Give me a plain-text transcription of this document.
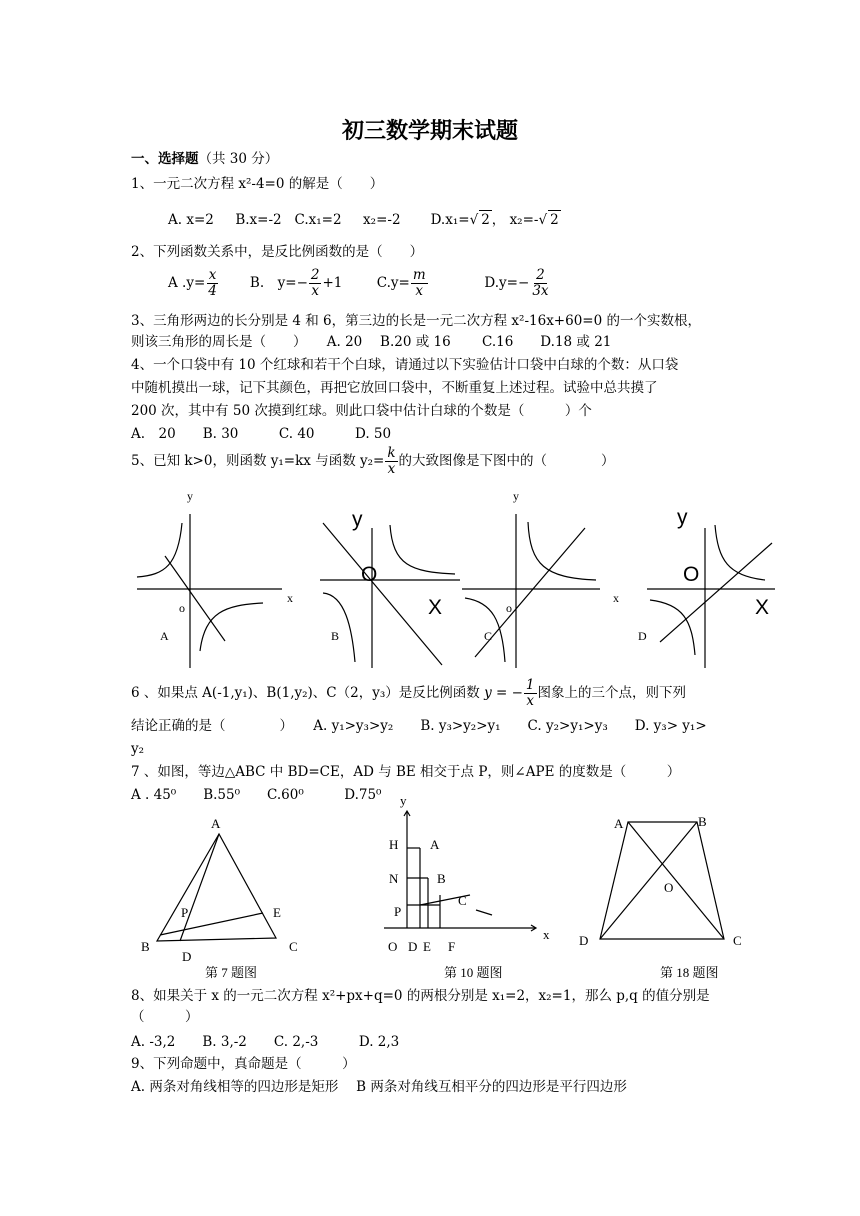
初三数学期末试题
一、选择题（共 30 分）
1、一元二次方程 x²-4=0 的解是（　　）
A. x=2 B.x=-2 C.x₁=2 x₂=-2 D.x₁=√ 2 ， x₂=-√ 2
2、下列函数关系中，是反比例函数的是（　　）
A $.y= \frac{x}{4} B$.　$y=- \frac{2}{x} +1$	$C.y= \frac{m}{x}$	$D.y=- \frac{2}{3x}$
3、三角形两边的长分别是 4 和 6，第三边的长是一元二次方程 x²-16x+60=0 的一个实数根，
则该三角形的周长是（　　）　　A. 20　 B.20 或 16　　 C.16　　D.18 或 21
4、一个口袋中有 10 个红球和若干个白球，请通过以下实验估计口袋中白球的个数：从口袋
中随机摸出一球，记下其颜色，再把它放回口袋中，不断重复上述过程。试验中总共摸了
200 次，其中有 50 次摸到红球。则此口袋中估计白球的个数是（　　　）个
A.　20　　B. 30　　　C. 40　　　D. 50
5、已知 k>0，则函数 y₁=kx 与函数 $y_2= \frac{k}{x}$ 的大致图像是下图中的（　　　　）
y
x
o
A
y
x
o
C
B	D
y
O
X
y
O
X
6 、如果点 A(-1,y₁)、B(1,y₂)、C（2，y₃）是反比例函数 y = − $\frac{1}{x}$ 图象上的三个点，则下列
结论正确的是（　　　　）　　A. y₁>y₃>y₂　　B. y₃>y₂>y₁　　C. y₂>y₁>y₃　　D. y₃> y₁>
y₂
7 、如图，等边△ABC 中 BD=CE，AD 与 BE 相交于点 P，则∠APE 的度数是（　　　）
A . 45⁰　　B.55⁰　　C.60⁰　　　D.75⁰
A
B	C
D
E
P
第 7 题图
y
x
H A
N	B
C
P
O D E F
第 10 题图
A	B
O
D	C
第 18 题图
8、如果关于 x 的一元二次方程 x²+px+q=0 的两根分别是 x₁=2，x₂=1，那么 p,q 的值分别是
（　　　）
A. -3,2　　B. 3,-2　　C. 2,-3　　　D. 2,3
9、下列命题中，真命题是（　　　）
A. 两条对角线相等的四边形是矩形　 B 两条对角线互相平分的四边形是平行四边形
